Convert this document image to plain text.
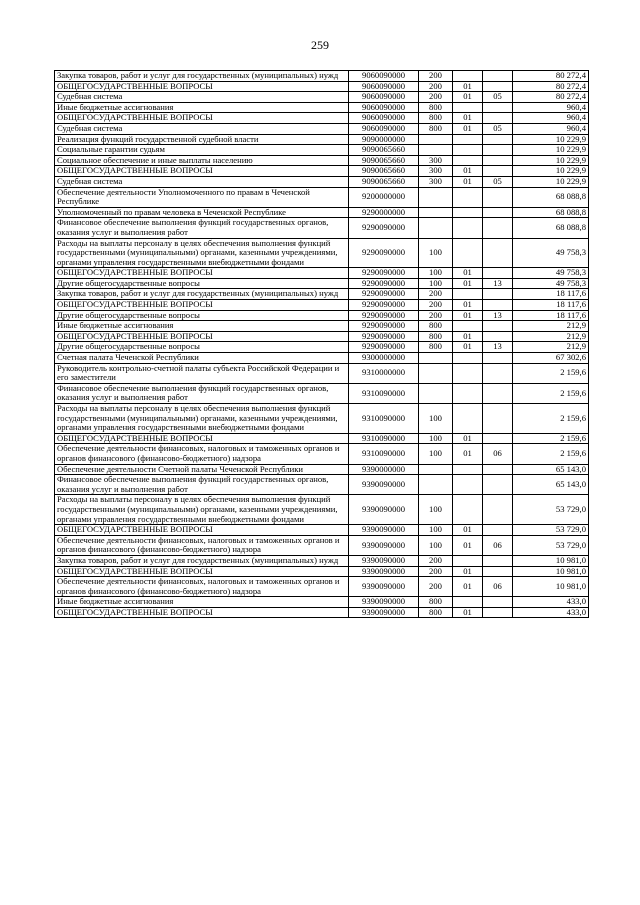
259
Закупка товаров, работ и услуг для государственных (муниципальных) нужд	9060090000	200			80 272,4
ОБЩЕГОСУДАРСТВЕННЫЕ ВОПРОСЫ	9060090000	200	01		80 272,4
Судебная система	9060090000	200	01	05	80 272,4
Иные бюджетные ассигнования	9060090000	800			960,4
ОБЩЕГОСУДАРСТВЕННЫЕ ВОПРОСЫ	9060090000	800	01		960,4
Судебная система	9060090000	800	01	05	960,4
Реализация функций государственной судебной власти	9090000000				10 229,9
Социальные гарантии судьям	9090065660				10 229,9
Социальное обеспечение и иные выплаты населению	9090065660	300			10 229,9
ОБЩЕГОСУДАРСТВЕННЫЕ ВОПРОСЫ	9090065660	300	01		10 229,9
Судебная система	9090065660	300	01	05	10 229,9
Обеспечение деятельности Уполномоченного по правам в Чеченской Республике	9200000000				68 088,8
Уполномоченный по правам человека в Чеченской Республике	9290000000				68 088,8
Финансовое обеспечение выполнения функций государственных органов, оказания услуг и выполнения работ	9290090000				68 088,8
Расходы на выплаты персоналу в целях обеспечения выполнения функций государственными (муниципальными) органами, казенными учреждениями, органами управления государственными внебюджетными фондами	9290090000	100			49 758,3
ОБЩЕГОСУДАРСТВЕННЫЕ ВОПРОСЫ	9290090000	100	01		49 758,3
Другие общегосударственные вопросы	9290090000	100	01	13	49 758,3
Закупка товаров, работ и услуг для государственных (муниципальных) нужд	9290090000	200			18 117,6
ОБЩЕГОСУДАРСТВЕННЫЕ ВОПРОСЫ	9290090000	200	01		18 117,6
Другие общегосударственные вопросы	9290090000	200	01	13	18 117,6
Иные бюджетные ассигнования	9290090000	800			212,9
ОБЩЕГОСУДАРСТВЕННЫЕ ВОПРОСЫ	9290090000	800	01		212,9
Другие общегосударственные вопросы	9290090000	800	01	13	212,9
Счетная палата Чеченской Республики	9300000000				67 302,6
Руководитель контрольно-счетной палаты субъекта Российской Федерации и его заместители	9310000000				2 159,6
Финансовое обеспечение выполнения функций государственных органов, оказания услуг и выполнения работ	9310090000				2 159,6
Расходы на выплаты персоналу в целях обеспечения выполнения функций государственными (муниципальными) органами, казенными учреждениями, органами управления государственными внебюджетными фондами	9310090000	100			2 159,6
ОБЩЕГОСУДАРСТВЕННЫЕ ВОПРОСЫ	9310090000	100	01		2 159,6
Обеспечение деятельности финансовых, налоговых и таможенных органов и органов финансового (финансово-бюджетного) надзора	9310090000	100	01	06	2 159,6
Обеспечение деятельности Счетной палаты Чеченской Республики	9390000000				65 143,0
Финансовое обеспечение выполнения функций государственных органов, оказания услуг и выполнения работ	9390090000				65 143,0
Расходы на выплаты персоналу в целях обеспечения выполнения функций государственными (муниципальными) органами, казенными учреждениями, органами управления государственными внебюджетными фондами	9390090000	100			53 729,0
ОБЩЕГОСУДАРСТВЕННЫЕ ВОПРОСЫ	9390090000	100	01		53 729,0
Обеспечение деятельности финансовых, налоговых и таможенных органов и органов финансового (финансово-бюджетного) надзора	9390090000	100	01	06	53 729,0
Закупка товаров, работ и услуг для государственных (муниципальных) нужд	9390090000	200			10 981,0
ОБЩЕГОСУДАРСТВЕННЫЕ ВОПРОСЫ	9390090000	200	01		10 981,0
Обеспечение деятельности финансовых, налоговых и таможенных органов и органов финансового (финансово-бюджетного) надзора	9390090000	200	01	06	10 981,0
Иные бюджетные ассигнования	9390090000	800			433,0
ОБЩЕГОСУДАРСТВЕННЫЕ ВОПРОСЫ	9390090000	800	01		433,0
